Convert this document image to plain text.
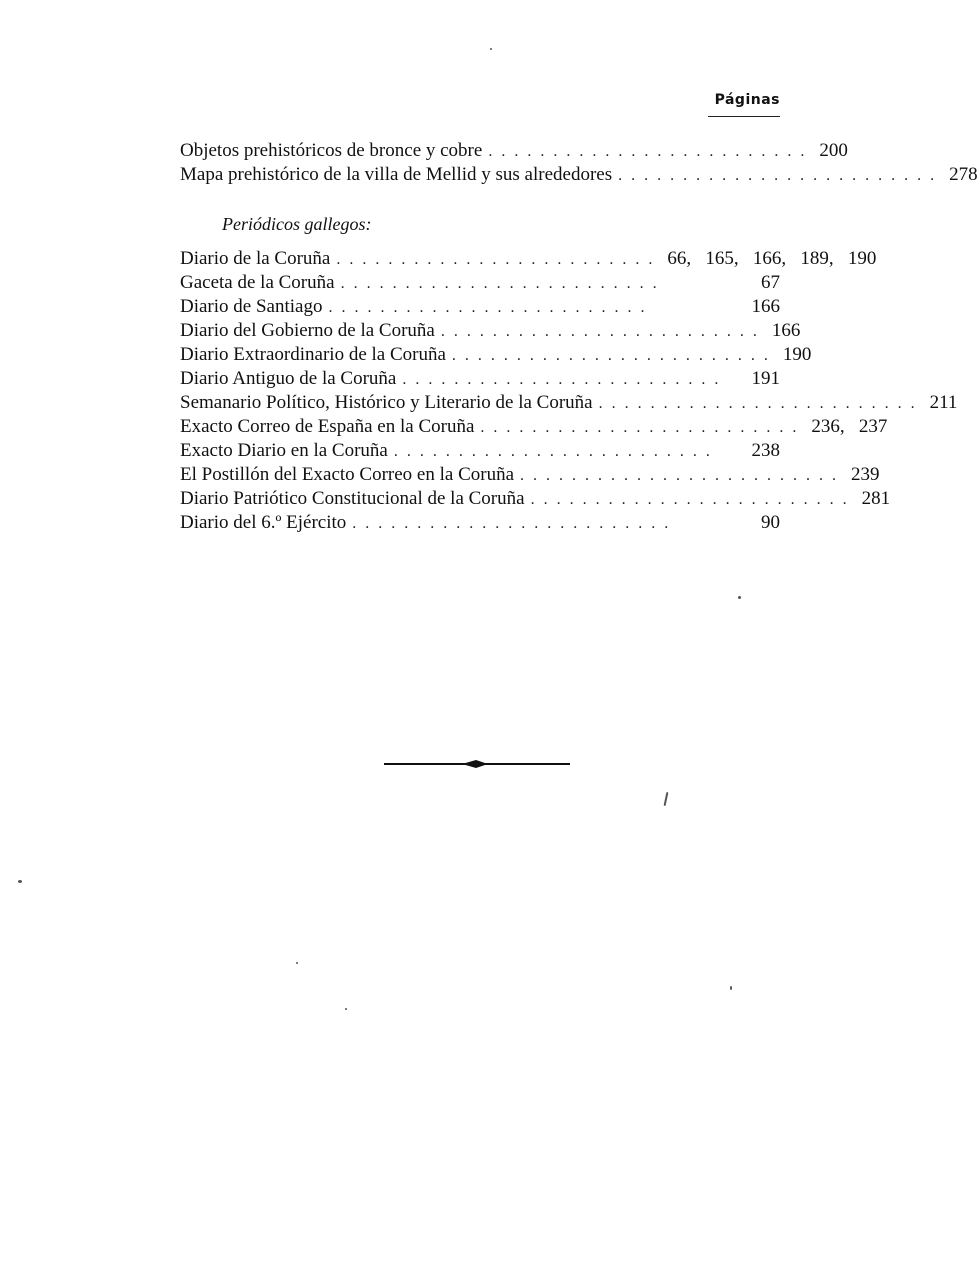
Páginas
Objetos prehistóricos de bronce y cobre ......................... 200
Mapa prehistórico de la villa de Mellid y sus alrededores ......................... 278
Periódicos gallegos:
Diario de la Coruña ......................... 66,   165,   166,   189,   190
Gaceta de la Coruña .........................	67
Diario de Santiago .........................	166
Diario del Gobierno de la Coruña ......................... 166
Diario Extraordinario de la Coruña ......................... 190
Diario Antiguo de la Coruña .........................	191
Semanario Político, Histórico y Literario de la Coruña ......................... 211
Exacto Correo de España en la Coruña ......................... 236,   237
Exacto Diario en la Coruña .........................	238
El Postillón del Exacto Correo en la Coruña ......................... 239
Diario Patriótico Constitucional de la Coruña ......................... 281
Diario del 6.º Ejército .........................	90
